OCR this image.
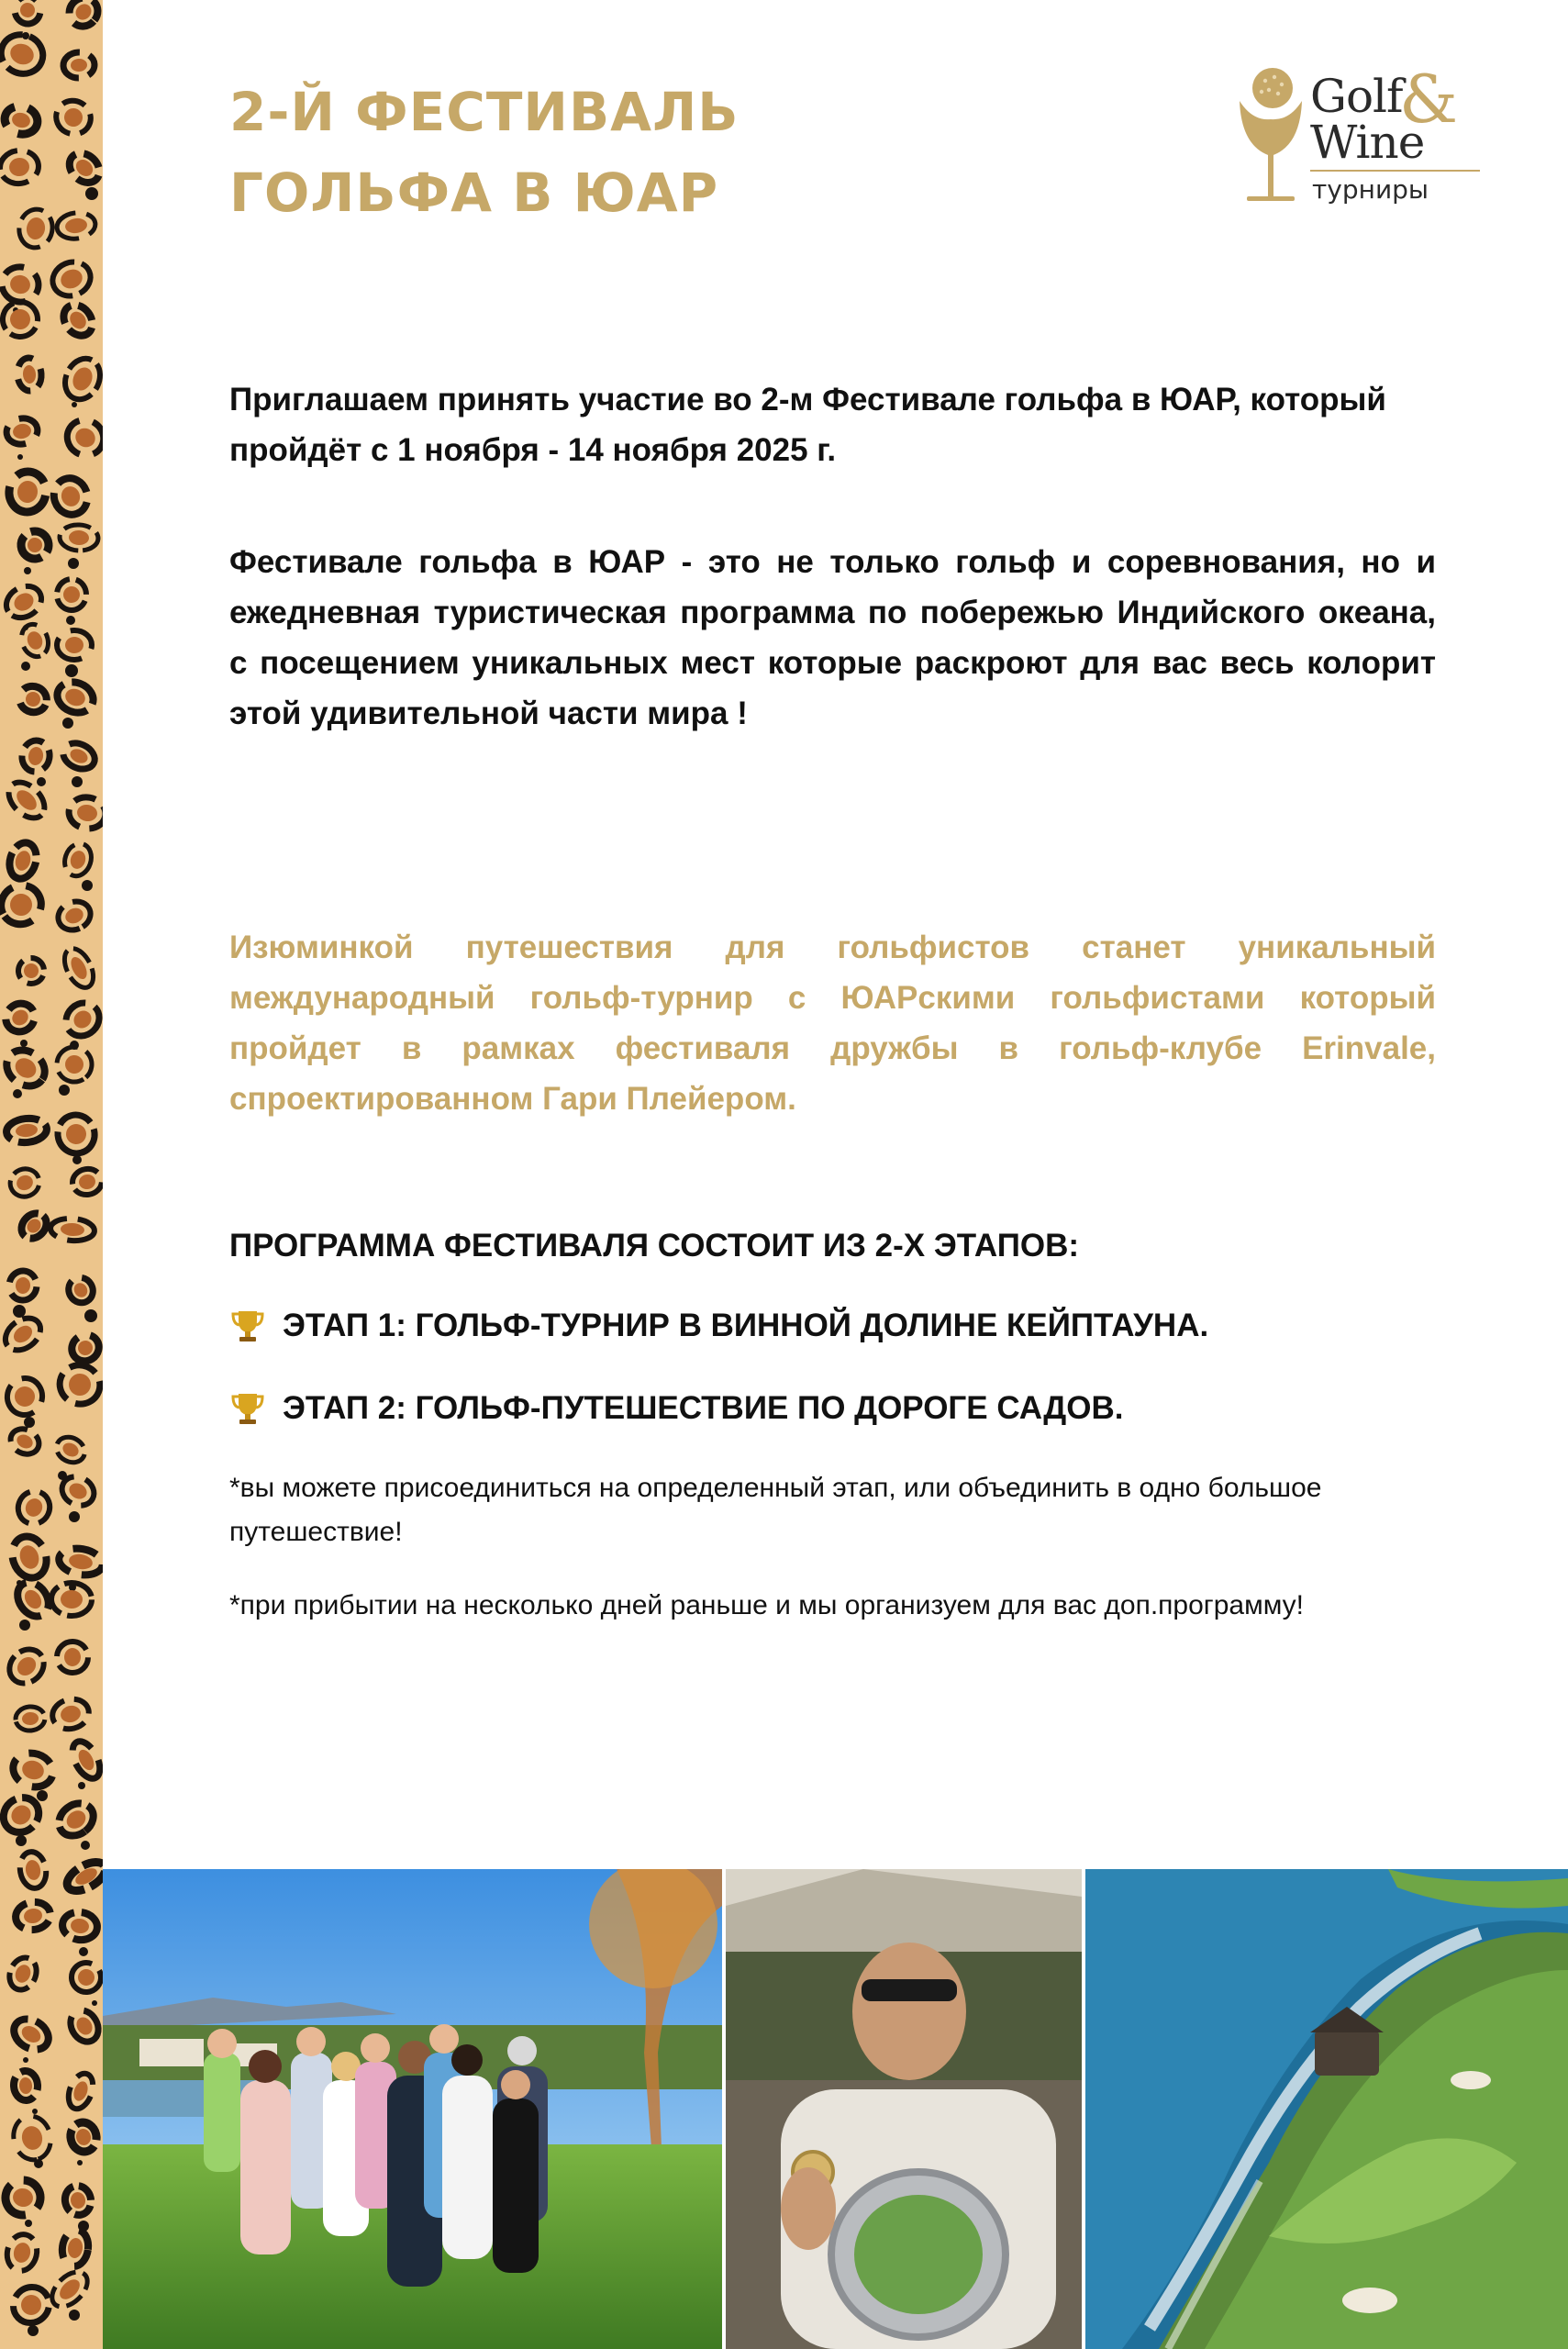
2-Й ФЕСТИВАЛЬ
ГОЛЬФА В ЮАР
Golf
&
Wine
турниры

Приглашаем принять участие во 2-м Фестивале гольфа в ЮАР, который пройдёт с 1 ноября - 14 ноября 2025 г.

Фестивале гольфа в ЮАР - это не только гольф и соревнования, но и ежедневная туристическая программа по побережью Индийского океана, с посещением уникальных мест которые раскроют для вас весь колорит этой удивительной части мира !

Изюминкой путешествия для гольфистов станет уникальный международный гольф-турнир с ЮАРскими гольфистами который пройдет в рамках фестиваля дружбы в гольф-клубе Erinvale, спроектированном Гари Плейером.

ПРОГРАММА ФЕСТИВАЛЯ СОСТОИТ ИЗ 2-Х ЭТАПОВ:
ЭТАП 1: ГОЛЬФ-ТУРНИР В ВИННОЙ ДОЛИНЕ КЕЙПТАУНА.
ЭТАП 2: ГОЛЬФ-ПУТЕШЕСТВИЕ ПО ДОРОГЕ САДОВ.

*вы можете присоединиться на определенный этап, или объединить в одно большое путешествие!

*при прибытии на несколько дней раньше и мы организуем для вас доп.программу!
